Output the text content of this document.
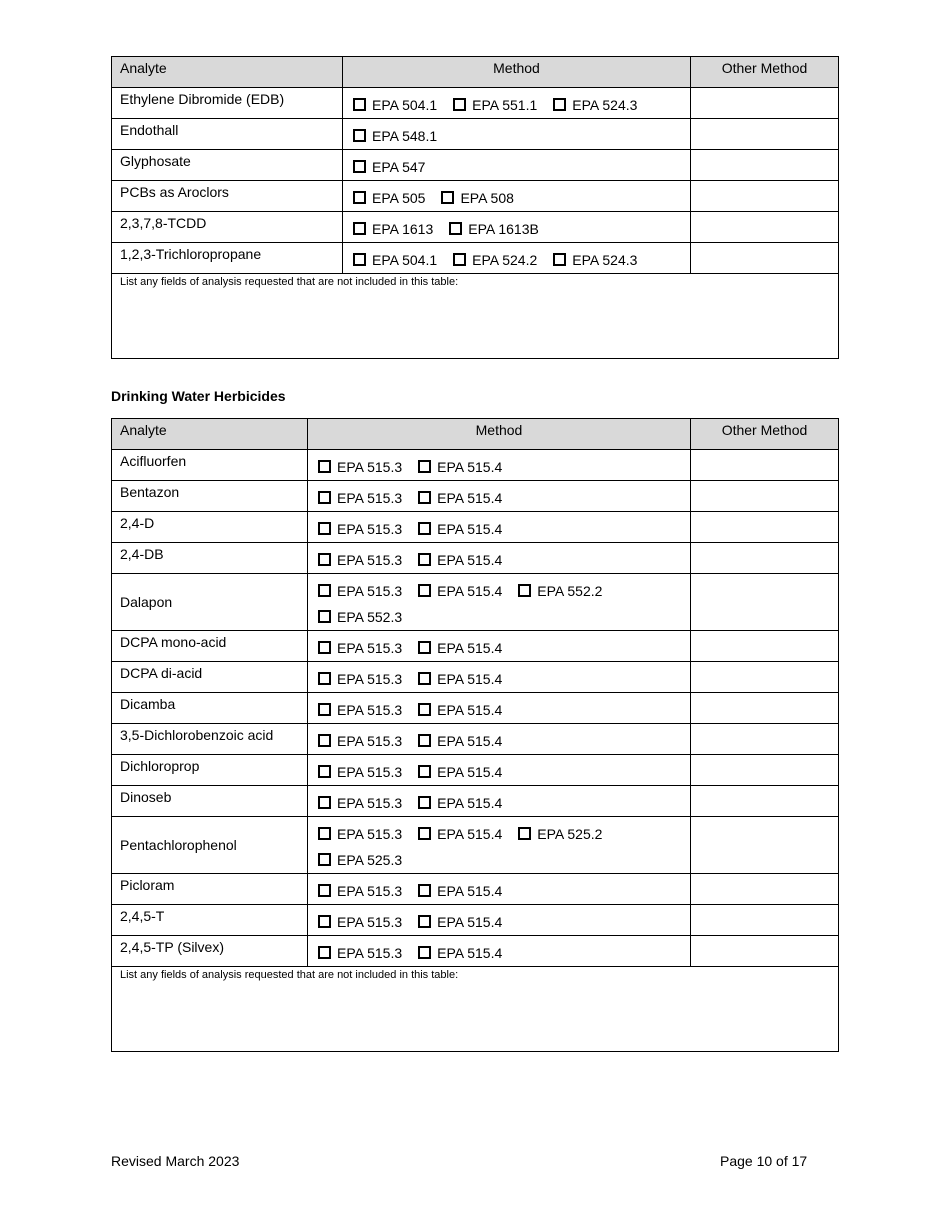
Analyte	Method	Other Method
Ethylene Dibromide (EDB)	EPA 504.1 EPA 551.1 EPA 524.3	
Endothall	EPA 548.1	
Glyphosate	EPA 547	
PCBs as Aroclors	EPA 505 EPA 508	
2,3,7,8-TCDD	EPA 1613 EPA 1613B	
1,2,3-Trichloropropane	EPA 504.1 EPA 524.2 EPA 524.3	
List any fields of analysis requested that are not included in this table:		
Drinking Water Herbicides
Analyte	Method	Other Method
Acifluorfen	EPA 515.3 EPA 515.4	
Bentazon	EPA 515.3 EPA 515.4	
2,4-D	EPA 515.3 EPA 515.4	
2,4-DB	EPA 515.3 EPA 515.4	
Dalapon	EPA 515.3 EPA 515.4 EPA 552.2EPA 552.3	
DCPA mono-acid	EPA 515.3 EPA 515.4	
DCPA di-acid	EPA 515.3 EPA 515.4	
Dicamba	EPA 515.3 EPA 515.4	
3,5-Dichlorobenzoic acid	EPA 515.3 EPA 515.4	
Dichloroprop	EPA 515.3 EPA 515.4	
Dinoseb	EPA 515.3 EPA 515.4	
Pentachlorophenol	EPA 515.3 EPA 515.4 EPA 525.2EPA 525.3	
Picloram	EPA 515.3 EPA 515.4	
2,4,5-T	EPA 515.3 EPA 515.4	
2,4,5-TP (Silvex)	EPA 515.3 EPA 515.4	
List any fields of analysis requested that are not included in this table:		
Revised March 2023	Page 10 of 17
